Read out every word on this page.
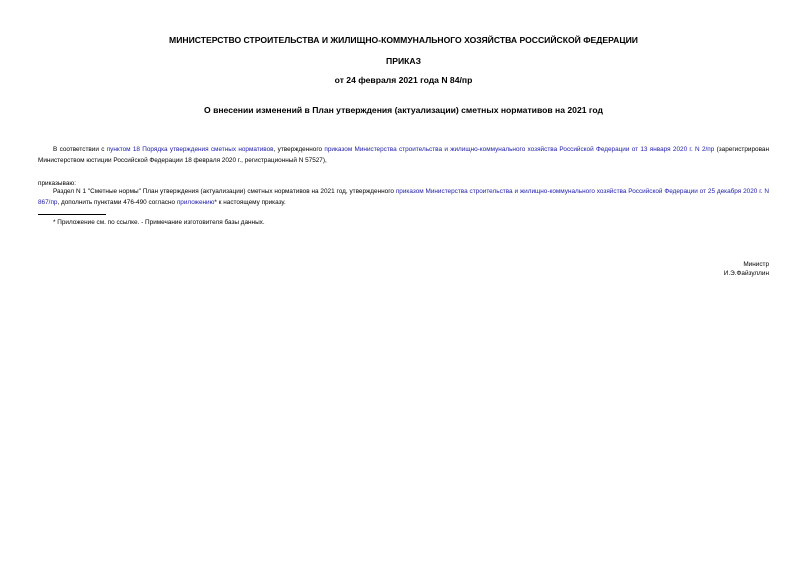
МИНИСТЕРСТВО СТРОИТЕЛЬСТВА И ЖИЛИЩНО-КОММУНАЛЬНОГО ХОЗЯЙСТВА РОССИЙСКОЙ ФЕДЕРАЦИИ
ПРИКАЗ
от 24 февраля 2021 года N 84/пр
О внесении изменений в План утверждения (актуализации) сметных нормативов на 2021 год
В соответствии с пунктом 18 Порядка утверждения сметных нормативов, утвержденного приказом Министерства строительства и жилищно-коммунального хозяйства Российской Федерации от 13 января 2020 г. N 2/пр (зарегистрирован Министерством юстиции Российской Федерации 18 февраля 2020 г., регистрационный N 57527),
приказываю:
Раздел N 1 "Сметные нормы" План утверждения (актуализации) сметных нормативов на 2021 год, утвержденного приказом Министерства строительства и жилищно-коммунального хозяйства Российской Федерации от 25 декабря 2020 г. N 867/пр, дополнить пунктами 476-490 согласно приложению* к настоящему приказу.
* Приложение см. по ссылке. - Примечание изготовителя базы данных.
Министр
И.Э.Файзуллин
